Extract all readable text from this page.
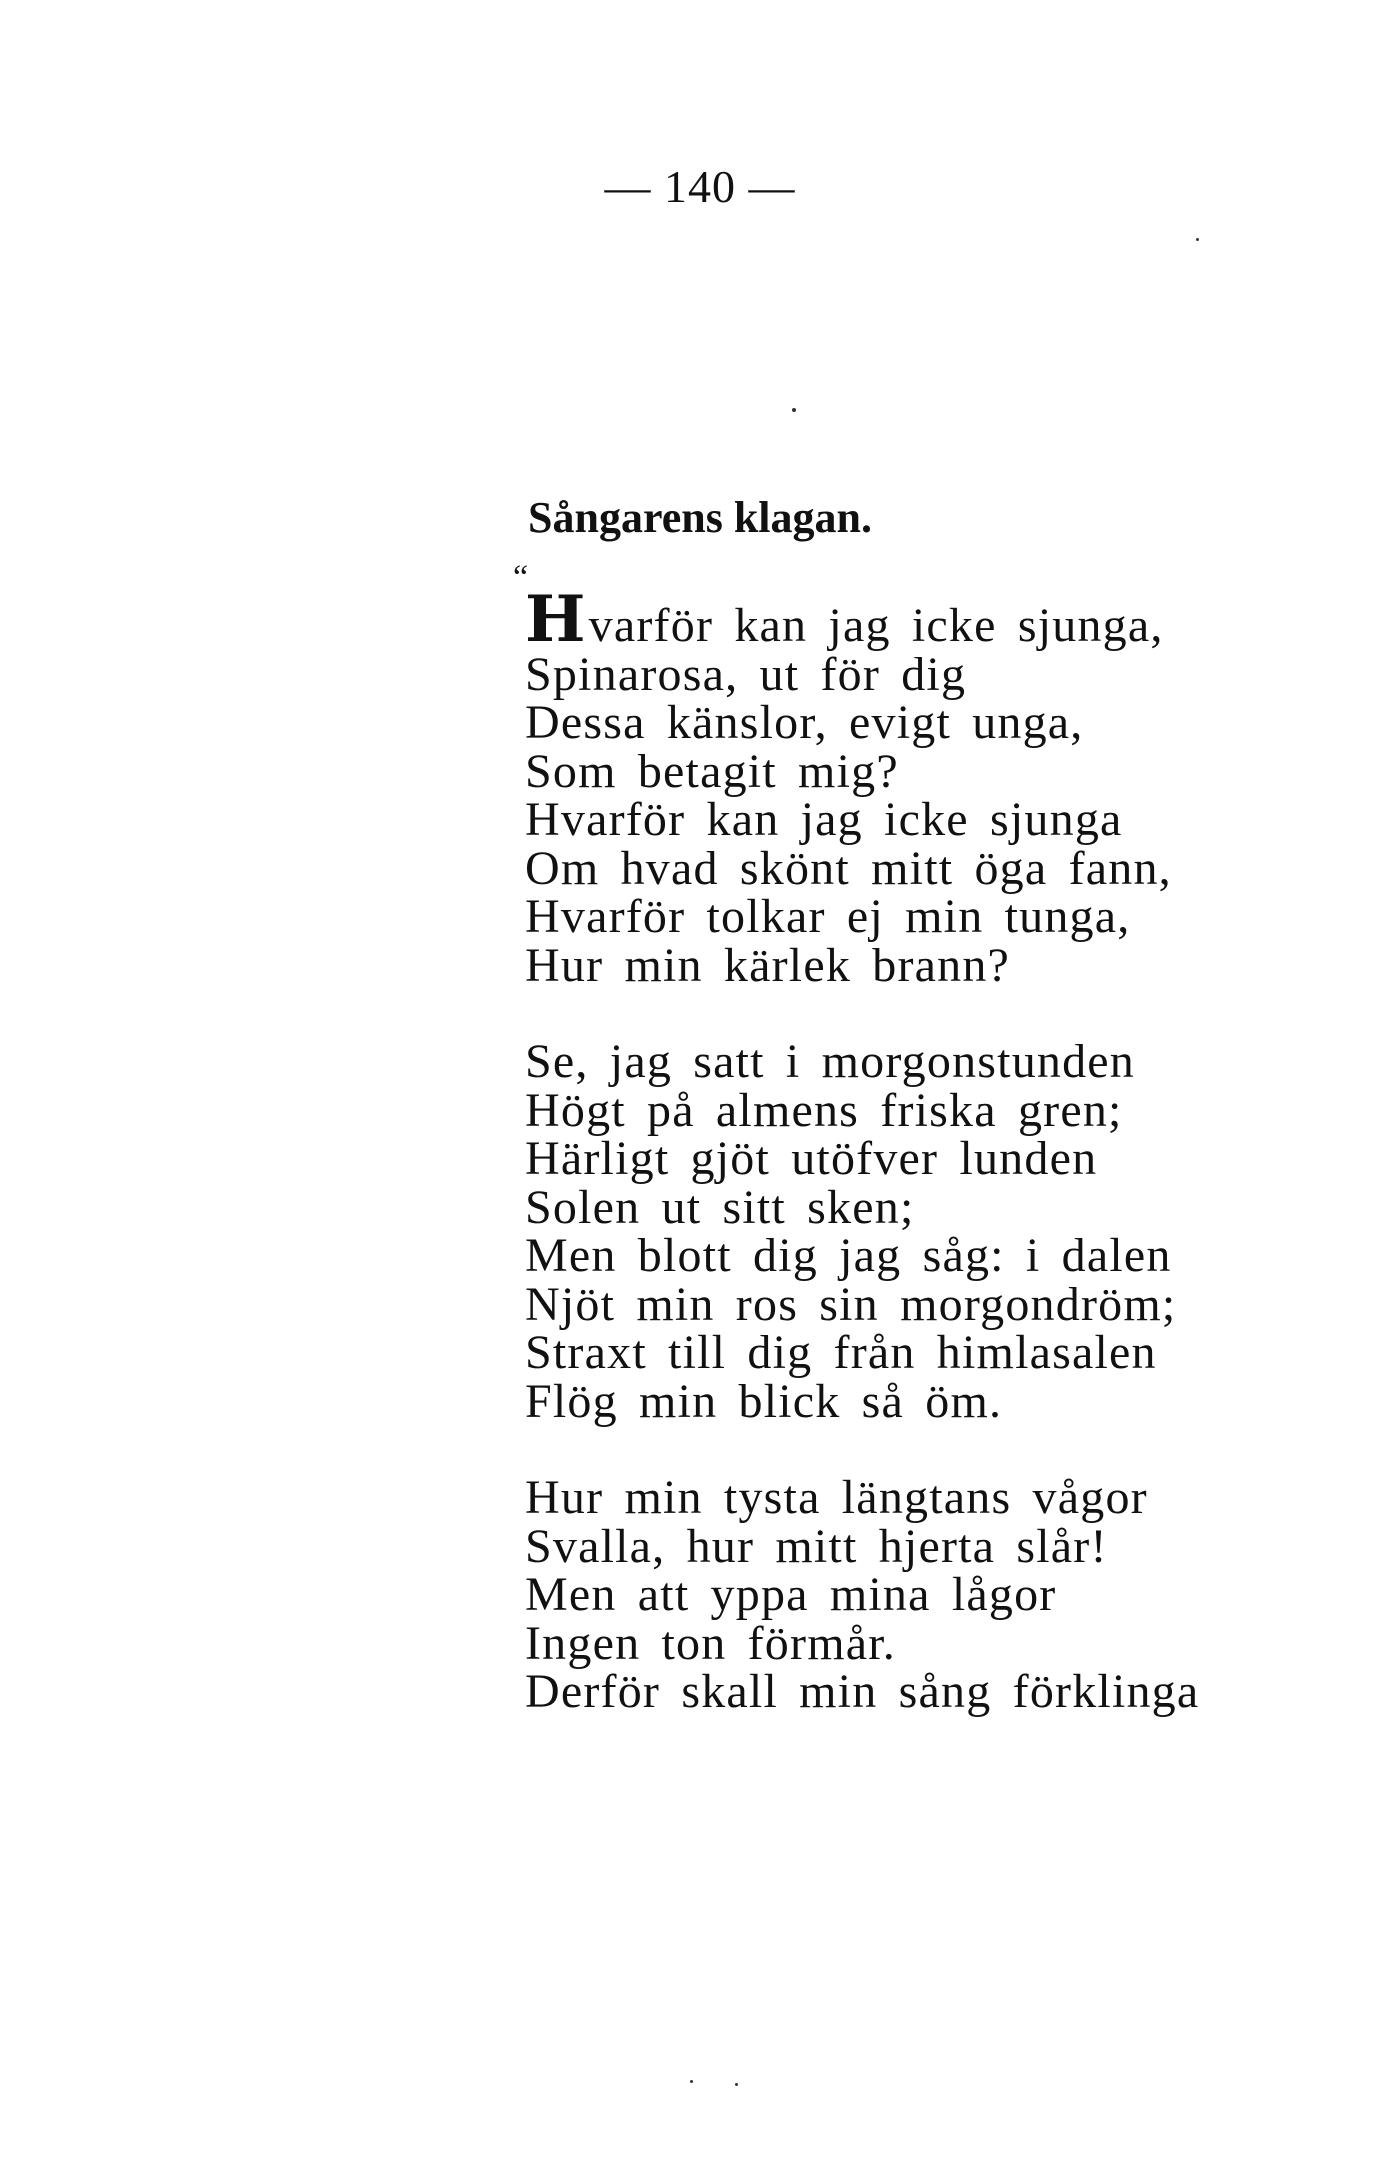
— 140 —
Sångarens klagan.
“
Hvarför kan jag icke sjunga,
Spinarosa, ut för dig
Dessa känslor, evigt unga,
Som betagit mig?
Hvarför kan jag icke sjunga
Om hvad skönt mitt öga fann,
Hvarför tolkar ej min tunga,
Hur min kärlek brann?
Se, jag satt i morgonstunden
Högt på almens friska gren;
Härligt gjöt utöfver lunden
Solen ut sitt sken;
Men blott dig jag såg: i dalen
Njöt min ros sin morgondröm;
Straxt till dig från himlasalen
Flög min blick så öm.
Hur min tysta längtans vågor
Svalla, hur mitt hjerta slår!
Men att yppa mina lågor
Ingen ton förmår.
Derför skall min sång förklinga
